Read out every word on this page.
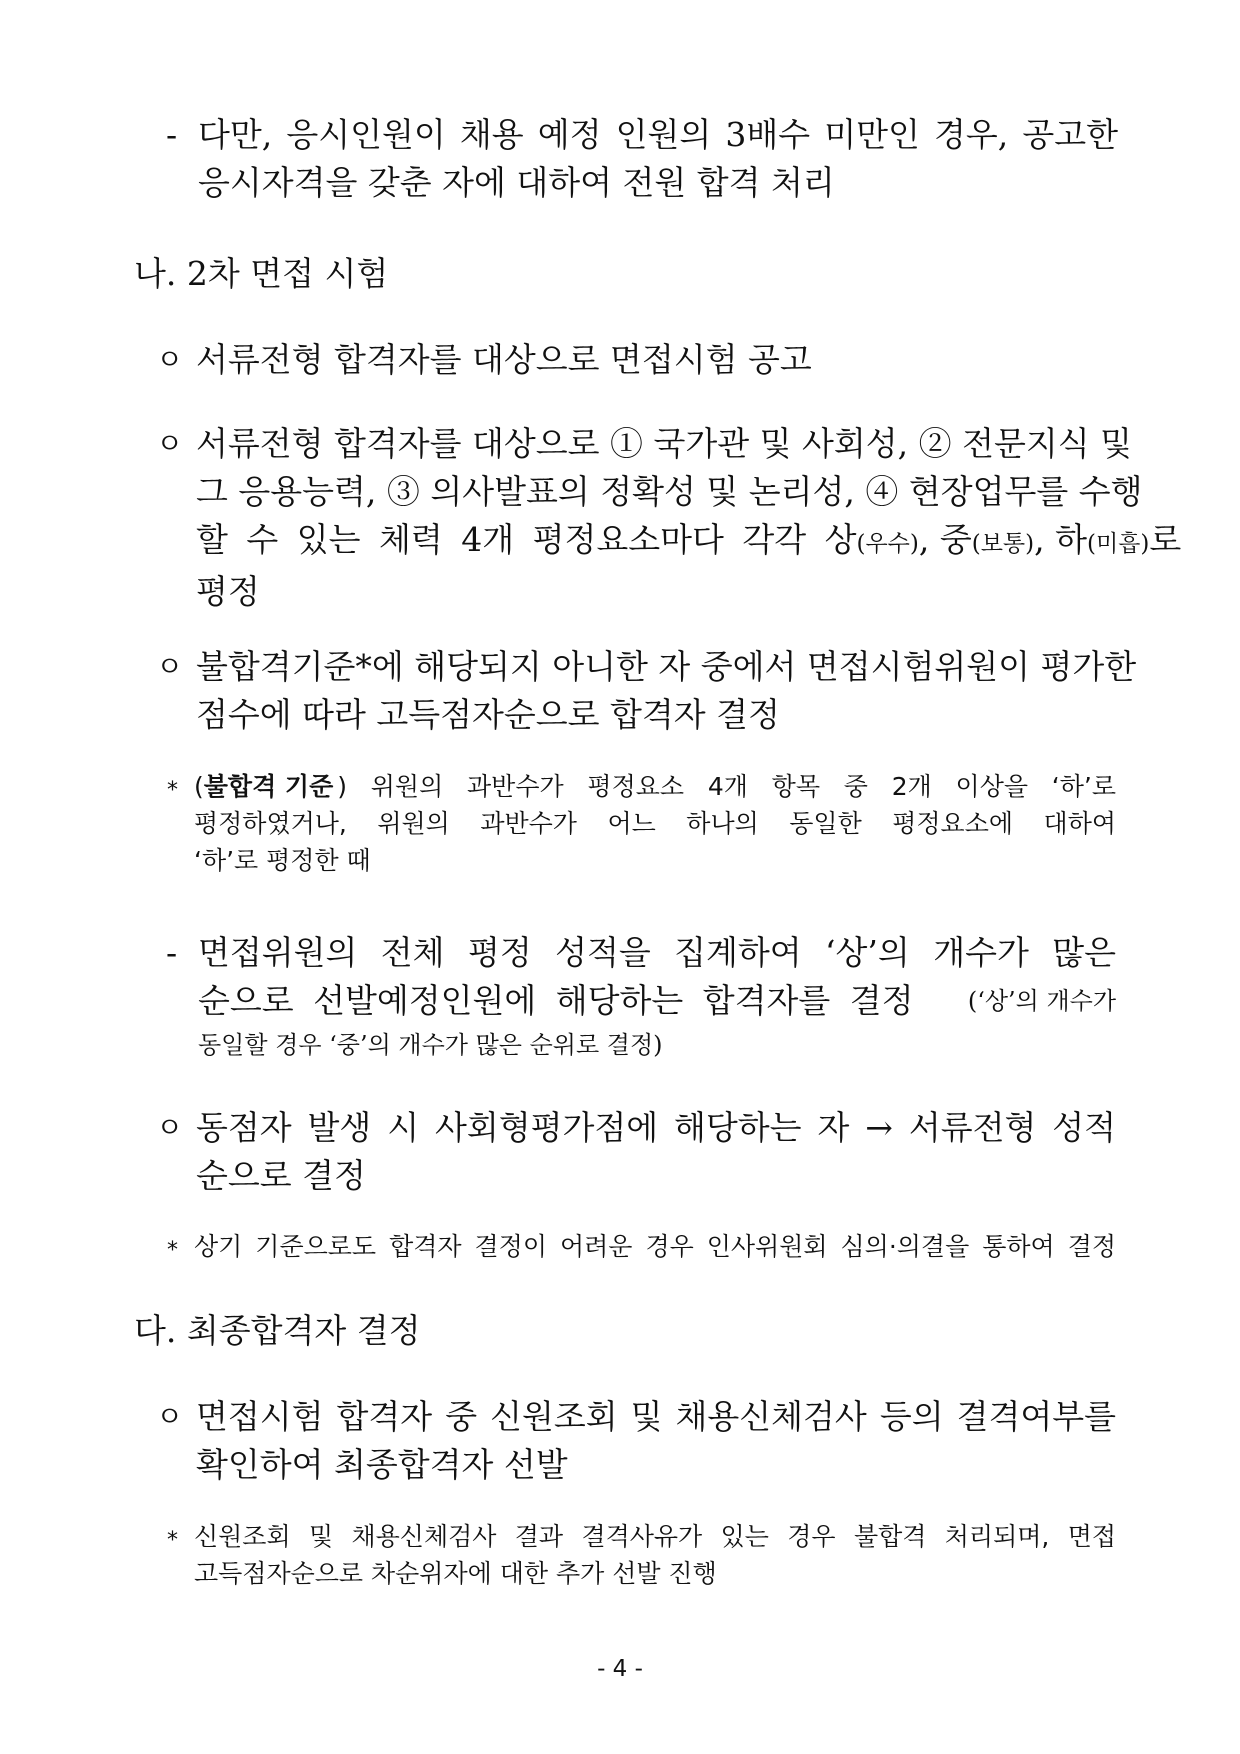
- 다만, 응시인원이 채용 예정 인원의 3배수 미만인 경우, 공고한
응시자격을 갖춘 자에 대하여 전원 합격 처리
나. 2차 면접 시험
ㅇ 서류전형 합격자를 대상으로 면접시험 공고
ㅇ 서류전형 합격자를 대상으로 ① 국가관 및 사회성, ② 전문지식 및
그 응용능력, ③ 의사발표의 정확성 및 논리성, ④ 현장업무를 수행
할 수 있는 체력 4개 평정요소마다 각각 상(우수), 중(보통), 하(미흡)로
평정
ㅇ 불합격기준*에 해당되지 아니한 자 중에서 면접시험위원이 평가한
점수에 따라 고득점자순으로 합격자 결정
* (불합격 기준 ) 위원의 과반수가 평정요소 4개 항목 중 2개 이상을 ‘하’로
평정하였거나, 위원의 과반수가 어느 하나의 동일한 평정요소에 대하여
‘하’로 평정한 때
- 면접위원의 전체 평정 성적을 집계하여 ‘상’의 개수가 많은
순으로 선발예정인원에 해당하는 합격자를 결정 (‘상’의 개수가
동일할 경우 ‘중’의 개수가 많은 순위로 결정)
ㅇ 동점자 발생 시 사회형평가점에 해당하는 자 → 서류전형 성적
순으로 결정
* 상기 기준으로도 합격자 결정이 어려운 경우 인사위원회 심의·의결을 통하여 결정
다. 최종합격자 결정
ㅇ 면접시험 합격자 중 신원조회 및 채용신체검사 등의 결격여부를
확인하여 최종합격자 선발
* 신원조회 및 채용신체검사 결과 결격사유가 있는 경우 불합격 처리되며, 면접
고득점자순으로 차순위자에 대한 추가 선발 진행
- 4 -
